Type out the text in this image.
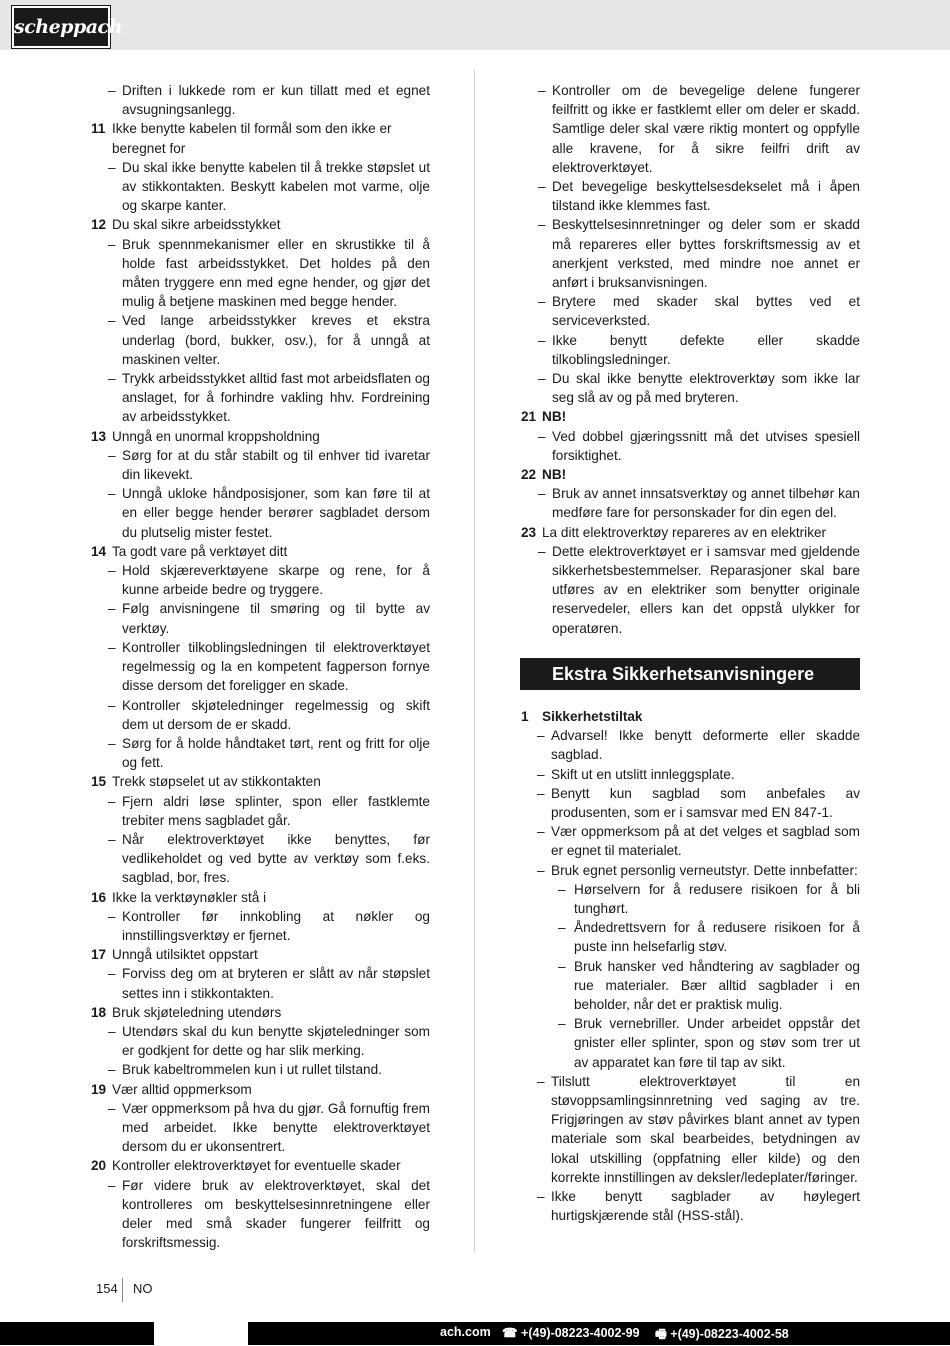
scheppach
– Driften i lukkede rom er kun tillatt med et egnet avsugningsanlegg.
11 Ikke benytte kabelen til formål som den ikke er beregnet for
– Du skal ikke benytte kabelen til å trekke støpslet ut av stikkontakten. Beskytt kabelen mot varme, olje og skarpe kanter.
12 Du skal sikre arbeidsstykket
– Bruk spennmekanismer eller en skrustikke til å holde fast arbeidsstykket. Det holdes på den måten tryggere enn med egne hender, og gjør det mulig å betjene maskinen med begge hender.
– Ved lange arbeidsstykker kreves et ekstra underlag (bord, bukker, osv.), for å unngå at maskinen velter.
– Trykk arbeidsstykket alltid fast mot arbeidsflaten og anslaget, for å forhindre vakling hhv. Fordreining av arbeidsstykket.
13 Unngå en unormal kroppsholdning
– Sørg for at du står stabilt og til enhver tid ivaretar din likevekt.
– Unngå ukloke håndposisjoner, som kan føre til at en eller begge hender berører sagbladet dersom du plutselig mister festet.
14 Ta godt vare på verktøyet ditt
– Hold skjæreverktøyene skarpe og rene, for å kunne arbeide bedre og tryggere.
– Følg anvisningene til smøring og til bytte av verktøy.
– Kontroller tilkoblingsledningen til elektroverktøyet regelmessig og la en kompetent fagperson fornye disse dersom det foreligger en skade.
– Kontroller skjøteledninger regelmessig og skift dem ut dersom de er skadd.
– Sørg for å holde håndtaket tørt, rent og fritt for olje og fett.
15 Trekk støpselet ut av stikkontakten
– Fjern aldri løse splinter, spon eller fastklemte trebiter mens sagbladet går.
– Når elektroverktøyet ikke benyttes, før vedlikeholdet og ved bytte av verktøy som f.eks. sagblad, bor, fres.
16 Ikke la verktøynøkler stå i
– Kontroller før innkobling at nøkler og innstillingsverktøy er fjernet.
17 Unngå utilsiktet oppstart
– Forviss deg om at bryteren er slått av når støpslet settes inn i stikkontakten.
18 Bruk skjøteledning utendørs
– Utendørs skal du kun benytte skjøteledninger som er godkjent for dette og har slik merking.
– Bruk kabeltrommelen kun i ut rullet tilstand.
19 Vær alltid oppmerksom
– Vær oppmerksom på hva du gjør. Gå fornuftig frem med arbeidet. Ikke benytte elektroverktøyet dersom du er ukonsentrert.
20 Kontroller elektroverktøyet for eventuelle skader
– Før videre bruk av elektroverktøyet, skal det kontrolleres om beskyttelsesinnretningene eller deler med små skader fungerer feilfritt og forskriftsmessig.
– Kontroller om de bevegelige delene fungerer feilfritt og ikke er fastklemt eller om deler er skadd. Samtlige deler skal være riktig montert og oppfylle alle kravene, for å sikre feilfri drift av elektroverktøyet.
– Det bevegelige beskyttelsesdekselet må i åpen tilstand ikke klemmes fast.
– Beskyttelsesinnretninger og deler som er skadd må repareres eller byttes forskriftsmessig av et anerkjent verksted, med mindre noe annet er anført i bruksanvisningen.
– Brytere med skader skal byttes ved et serviceverksted.
– Ikke benytt defekte eller skadde tilkoblingsledninger.
– Du skal ikke benytte elektroverktøy som ikke lar seg slå av og på med bryteren.
21 NB!
– Ved dobbel gjæringssnitt må det utvises spesiell forsiktighet.
22 NB!
– Bruk av annet innsatsverktøy og annet tilbehør kan medføre fare for personskader for din egen del.
23 La ditt elektroverktøy repareres av en elektriker
– Dette elektroverktøyet er i samsvar med gjeldende sikkerhetsbestemmelser. Reparasjoner skal bare utføres av en elektriker som benytter originale reservedeler, ellers kan det oppstå ulykker for operatøren.
Ekstra Sikkerhetsanvisningere
1 Sikkerhetstiltak
– Advarsel! Ikke benytt deformerte eller skadde sagblad.
– Skift ut en utslitt innleggsplate.
– Benytt kun sagblad som anbefales av produsenten, som er i samsvar med EN 847-1.
– Vær oppmerksom på at det velges et sagblad som er egnet til materialet.
– Bruk egnet personlig verneutstyr. Dette innbefatter:
– Hørselvern for å redusere risikoen for å bli tunghørt.
– Åndedrettsvern for å redusere risikoen for å puste inn helsefarlig støv.
– Bruk hansker ved håndtering av sagblader og rue materialer. Bær alltid sagblader i en beholder, når det er praktisk mulig.
– Bruk vernebriller. Under arbeidet oppstår det gnister eller splinter, spon og støv som trer ut av apparatet kan føre til tap av sikt.
– Tilslutt elektroverktøyet til en støvoppsamlingsinnretning ved saging av tre. Frigjøringen av støv påvirkes blant annet av typen materiale som skal bearbeides, betydningen av lokal utskilling (oppfatning eller kilde) og den korrekte innstillingen av deksler/ledeplater/føringer.
– Ikke benytt sagblader av høylegert hurtigskjærende stål (HSS-stål).
154 NO
ach.com ☎ +(49)-08223-4002-99 🖷 +(49)-08223-4002-58
